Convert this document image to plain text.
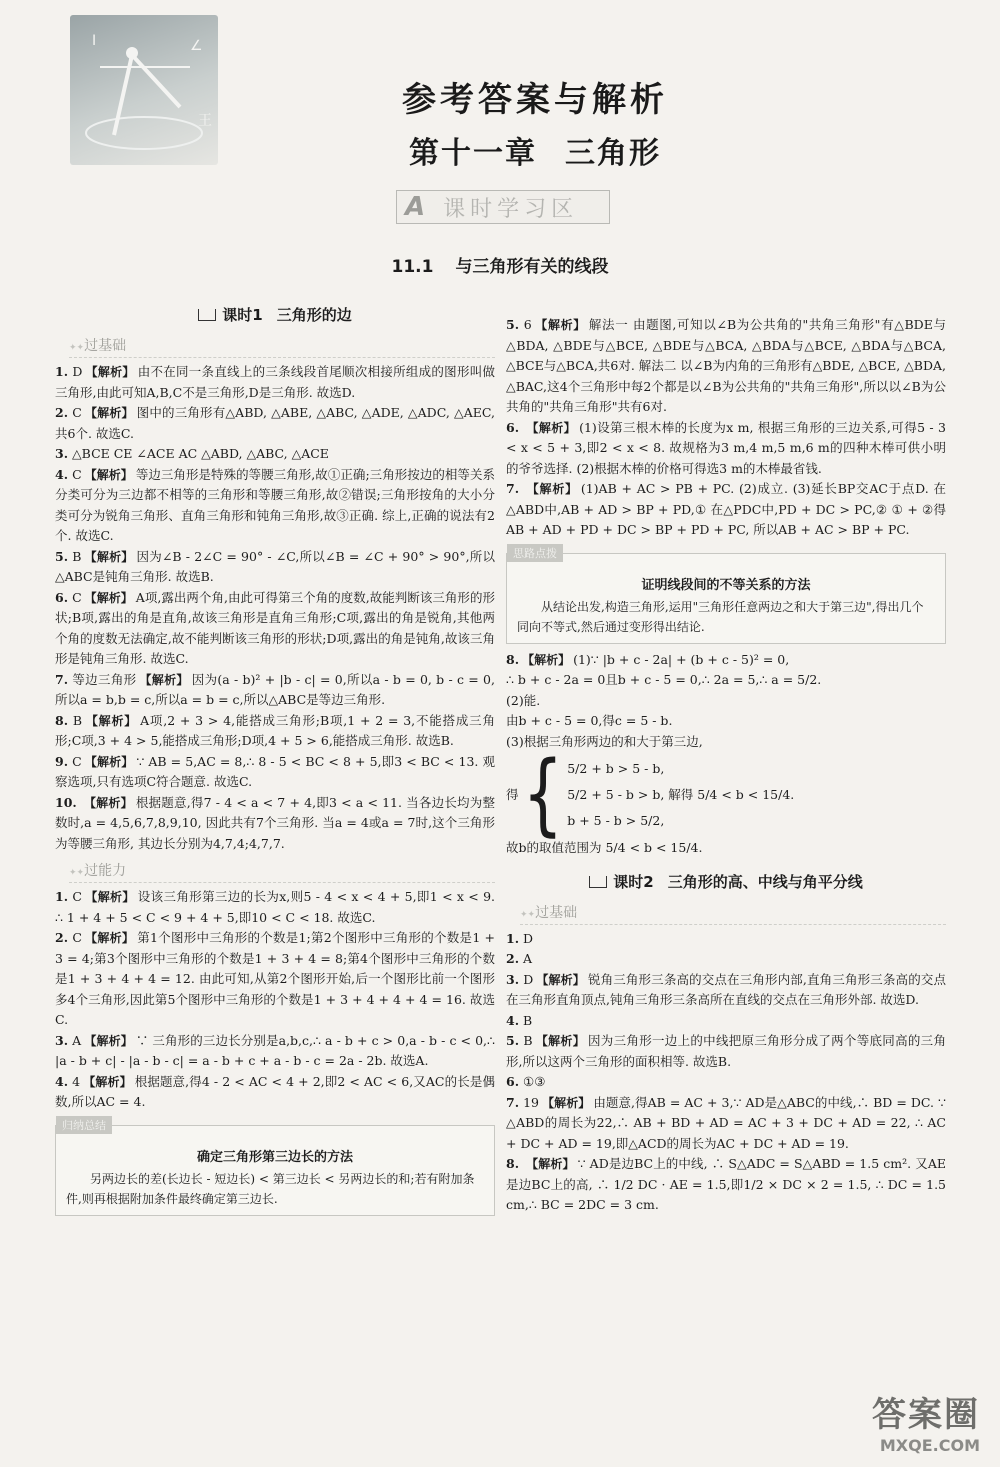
I	∠
王
参考答案与解析
第十一章 三角形
A 课时学习区
11.1 与三角形有关的线段
课时1 三角形的边
✦✦ 过基础
1. D 【解析】 由不在同一条直线上的三条线段首尾顺次相接所组成的图形叫做三角形,由此可知A,B,C不是三角形,D是三角形. 故选D.
2. C 【解析】 图中的三角形有△ABD, △ABE, △ABC, △ADE, △ADC, △AEC,共6个. 故选C.
3. △BCE CE ∠ACE AC △ABD, △ABC, △ACE
4. C 【解析】 等边三角形是特殊的等腰三角形,故①正确;三角形按边的相等关系分类可分为三边都不相等的三角形和等腰三角形,故②错误;三角形按角的大小分类可分为锐角三角形、直角三角形和钝角三角形,故③正确. 综上,正确的说法有2个. 故选C.
5. B 【解析】 因为∠B - 2∠C = 90° - ∠C,所以∠B = ∠C + 90° > 90°,所以△ABC是钝角三角形. 故选B.
6. C 【解析】 A项,露出两个角,由此可得第三个角的度数,故能判断该三角形的形状;B项,露出的角是直角,故该三角形是直角三角形;C项,露出的角是锐角,其他两个角的度数无法确定,故不能判断该三角形的形状;D项,露出的角是钝角,故该三角形是钝角三角形. 故选C.
7. 等边三角形 【解析】 因为(a - b)² + |b - c| = 0,所以a - b = 0, b - c = 0,所以a = b,b = c,所以a = b = c,所以△ABC是等边三角形.
8. B 【解析】 A项,2 + 3 > 4,能搭成三角形;B项,1 + 2 = 3,不能搭成三角形;C项,3 + 4 > 5,能搭成三角形;D项,4 + 5 > 6,能搭成三角形. 故选B.
9. C 【解析】 ∵ AB = 5,AC = 8,∴ 8 - 5 < BC < 8 + 5,即3 < BC < 13. 观察选项,只有选项C符合题意. 故选C.
10. 【解析】 根据题意,得7 - 4 < a < 7 + 4,即3 < a < 11. 当各边长均为整数时,a = 4,5,6,7,8,9,10, 因此共有7个三角形. 当a = 4或a = 7时,这个三角形为等腰三角形, 其边长分别为4,7,4;4,7,7.
✦✦ 过能力
1. C 【解析】 设该三角形第三边的长为x,则5 - 4 < x < 4 + 5,即1 < x < 9. ∴ 1 + 4 + 5 < C < 9 + 4 + 5,即10 < C < 18. 故选C.
2. C 【解析】 第1个图形中三角形的个数是1;第2个图形中三角形的个数是1 + 3 = 4;第3个图形中三角形的个数是1 + 3 + 4 = 8;第4个图形中三角形的个数是1 + 3 + 4 + 4 = 12. 由此可知,从第2个图形开始,后一个图形比前一个图形多4个三角形,因此第5个图形中三角形的个数是1 + 3 + 4 + 4 + 4 = 16. 故选C.
3. A 【解析】 ∵ 三角形的三边长分别是a,b,c,∴ a - b + c > 0,a - b - c < 0,∴ |a - b + c| - |a - b - c| = a - b + c + a - b - c = 2a - 2b. 故选A.
4. 4 【解析】 根据题意,得4 - 2 < AC < 4 + 2,即2 < AC < 6,又AC的长是偶数,所以AC = 4.
归纳总结
确定三角形第三边长的方法
另两边长的差(长边长 - 短边长) < 第三边长 < 另两边长的和;若有附加条件,则再根据附加条件最终确定第三边长.
5. 6 【解析】 解法一 由题图,可知以∠B为公共角的"共角三角形"有△BDE与△BDA, △BDE与△BCE, △BDE与△BCA, △BDA与△BCE, △BDA与△BCA, △BCE与△BCA,共6对. 解法二 以∠B为内角的三角形有△BDE, △BCE, △BDA, △BAC,这4个三角形中每2个都是以∠B为公共角的"共角三角形",所以以∠B为公共角的"共角三角形"共有6对.
6. 【解析】 (1)设第三根木棒的长度为x m, 根据三角形的三边关系,可得5 - 3 < x < 5 + 3,即2 < x < 8. 故规格为3 m,4 m,5 m,6 m的四种木棒可供小明的爷爷选择. (2)根据木棒的价格可得选3 m的木棒最省钱.
7. 【解析】 (1)AB + AC > PB + PC. (2)成立. (3)延长BP交AC于点D. 在△ABD中,AB + AD > BP + PD,① 在△PDC中,PD + DC > PC,② ① + ②得AB + AD + PD + DC > BP + PD + PC, 所以AB + AC > BP + PC.
思路点拨
证明线段间的不等关系的方法
从结论出发,构造三角形,运用"三角形任意两边之和大于第三边",得出几个同向不等式,然后通过变形得出结论.
8. 【解析】 (1)∵ |b + c - 2a| + (b + c - 5)² = 0,
∴ b + c - 2a = 0且b + c - 5 = 0,∴ 2a = 5,∴ a = 5/2.
(2)能.
由b + c - 5 = 0,得c = 5 - b.
(3)根据三角形两边的和大于第三边,
得 { 5/2 + b > 5 - b,
5/2 + 5 - b > b, 解得 5/4 < b < 15/4.
b + 5 - b > 5/2,
故b的取值范围为 5/4 < b < 15/4.
课时2 三角形的高、中线与角平分线
✦✦ 过基础
1. D
2. A
3. D 【解析】 锐角三角形三条高的交点在三角形内部,直角三角形三条高的交点在三角形直角顶点,钝角三角形三条高所在直线的交点在三角形外部. 故选D.
4. B
5. B 【解析】 因为三角形一边上的中线把原三角形分成了两个等底同高的三角形,所以这两个三角形的面积相等. 故选B.
6. ①③
7. 19 【解析】 由题意,得AB = AC + 3,∵ AD是△ABC的中线,∴ BD = DC. ∵ △ABD的周长为22,∴ AB + BD + AD = AC + 3 + DC + AD = 22, ∴ AC + DC + AD = 19,即△ACD的周长为AC + DC + AD = 19.
8. 【解析】 ∵ AD是边BC上的中线, ∴ S△ADC = S△ABD = 1.5 cm². 又AE是边BC上的高, ∴ 1/2 DC · AE = 1.5,即1/2 × DC × 2 = 1.5, ∴ DC = 1.5 cm,∴ BC = 2DC = 3 cm.
答案圈
MXQE.COM
